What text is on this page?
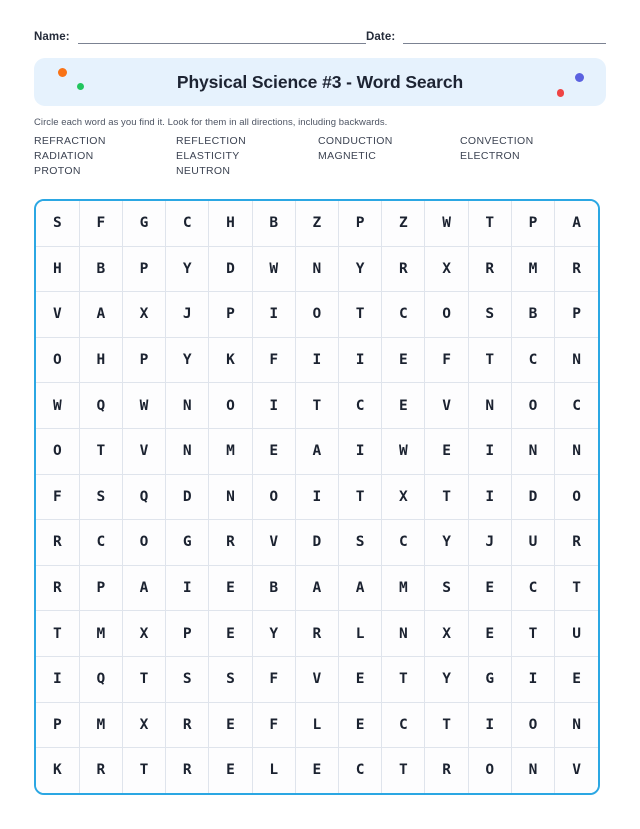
Name:	Date:
Physical Science #3 - Word Search
Circle each word as you find it. Look for them in all directions, including backwards.
REFRACTION	REFLECTION	CONDUCTION	CONVECTION
RADIATION	ELASTICITY	MAGNETIC	ELECTRON
PROTON	NEUTRON
S	F	G	C	H	B	Z	P	Z	W	T	P	A
H	B	P	Y	D	W	N	Y	R	X	R	M	R
V	A	X	J	P	I	O	T	C	O	S	B	P
O	H	P	Y	K	F	I	I	E	F	T	C	N
W	Q	W	N	O	I	T	C	E	V	N	O	C
O	T	V	N	M	E	A	I	W	E	I	N	N
F	S	Q	D	N	O	I	T	X	T	I	D	O
R	C	O	G	R	V	D	S	C	Y	J	U	R
R	P	A	I	E	B	A	A	M	S	E	C	T
T	M	X	P	E	Y	R	L	N	X	E	T	U
I	Q	T	S	S	F	V	E	T	Y	G	I	E
P	M	X	R	E	F	L	E	C	T	I	O	N
K	R	T	R	E	L	E	C	T	R	O	N	V
